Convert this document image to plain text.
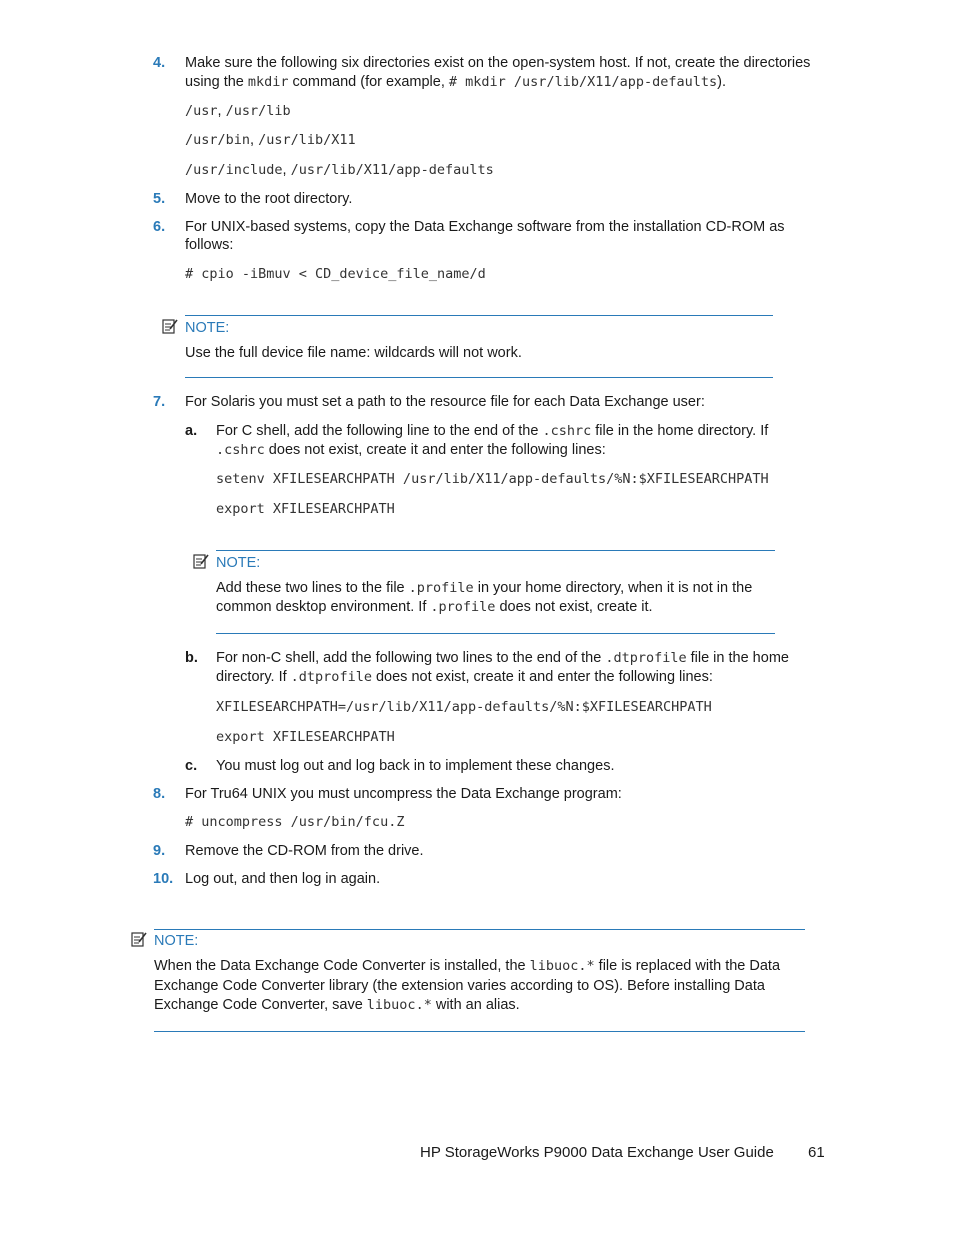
4. Make sure the following six directories exist on the open-system host. If not, create the directories
using the mkdir command (for example, # mkdir /usr/lib/X11/app-defaults).
/usr, /usr/lib
/usr/bin, /usr/lib/X11
/usr/include, /usr/lib/X11/app-defaults
5. Move to the root directory.
6. For UNIX-based systems, copy the Data Exchange software from the installation CD-ROM as
follows:
# cpio -iBmuv < CD_device_file_name/d
NOTE:
Use the full device file name: wildcards will not work.
7. For Solaris you must set a path to the resource file for each Data Exchange user:
a. For C shell, add the following line to the end of the .cshrc file in the home directory. If
.cshrc does not exist, create it and enter the following lines:
setenv XFILESEARCHPATH /usr/lib/X11/app-defaults/%N:$XFILESEARCHPATH
export XFILESEARCHPATH
NOTE:
Add these two lines to the file .profile in your home directory, when it is not in the
common desktop environment. If .profile does not exist, create it.
b. For non-C shell, add the following two lines to the end of the .dtprofile file in the home
directory. If .dtprofile does not exist, create it and enter the following lines:
XFILESEARCHPATH=/usr/lib/X11/app-defaults/%N:$XFILESEARCHPATH
export XFILESEARCHPATH
c. You must log out and log back in to implement these changes.
8. For Tru64 UNIX you must uncompress the Data Exchange program:
# uncompress /usr/bin/fcu.Z
9. Remove the CD-ROM from the drive.
10. Log out, and then log in again.
NOTE:
When the Data Exchange Code Converter is installed, the libuoc.* file is replaced with the Data
Exchange Code Converter library (the extension varies according to OS). Before installing Data
Exchange Code Converter, save libuoc.* with an alias.
HP StorageWorks P9000 Data Exchange User Guide 61
